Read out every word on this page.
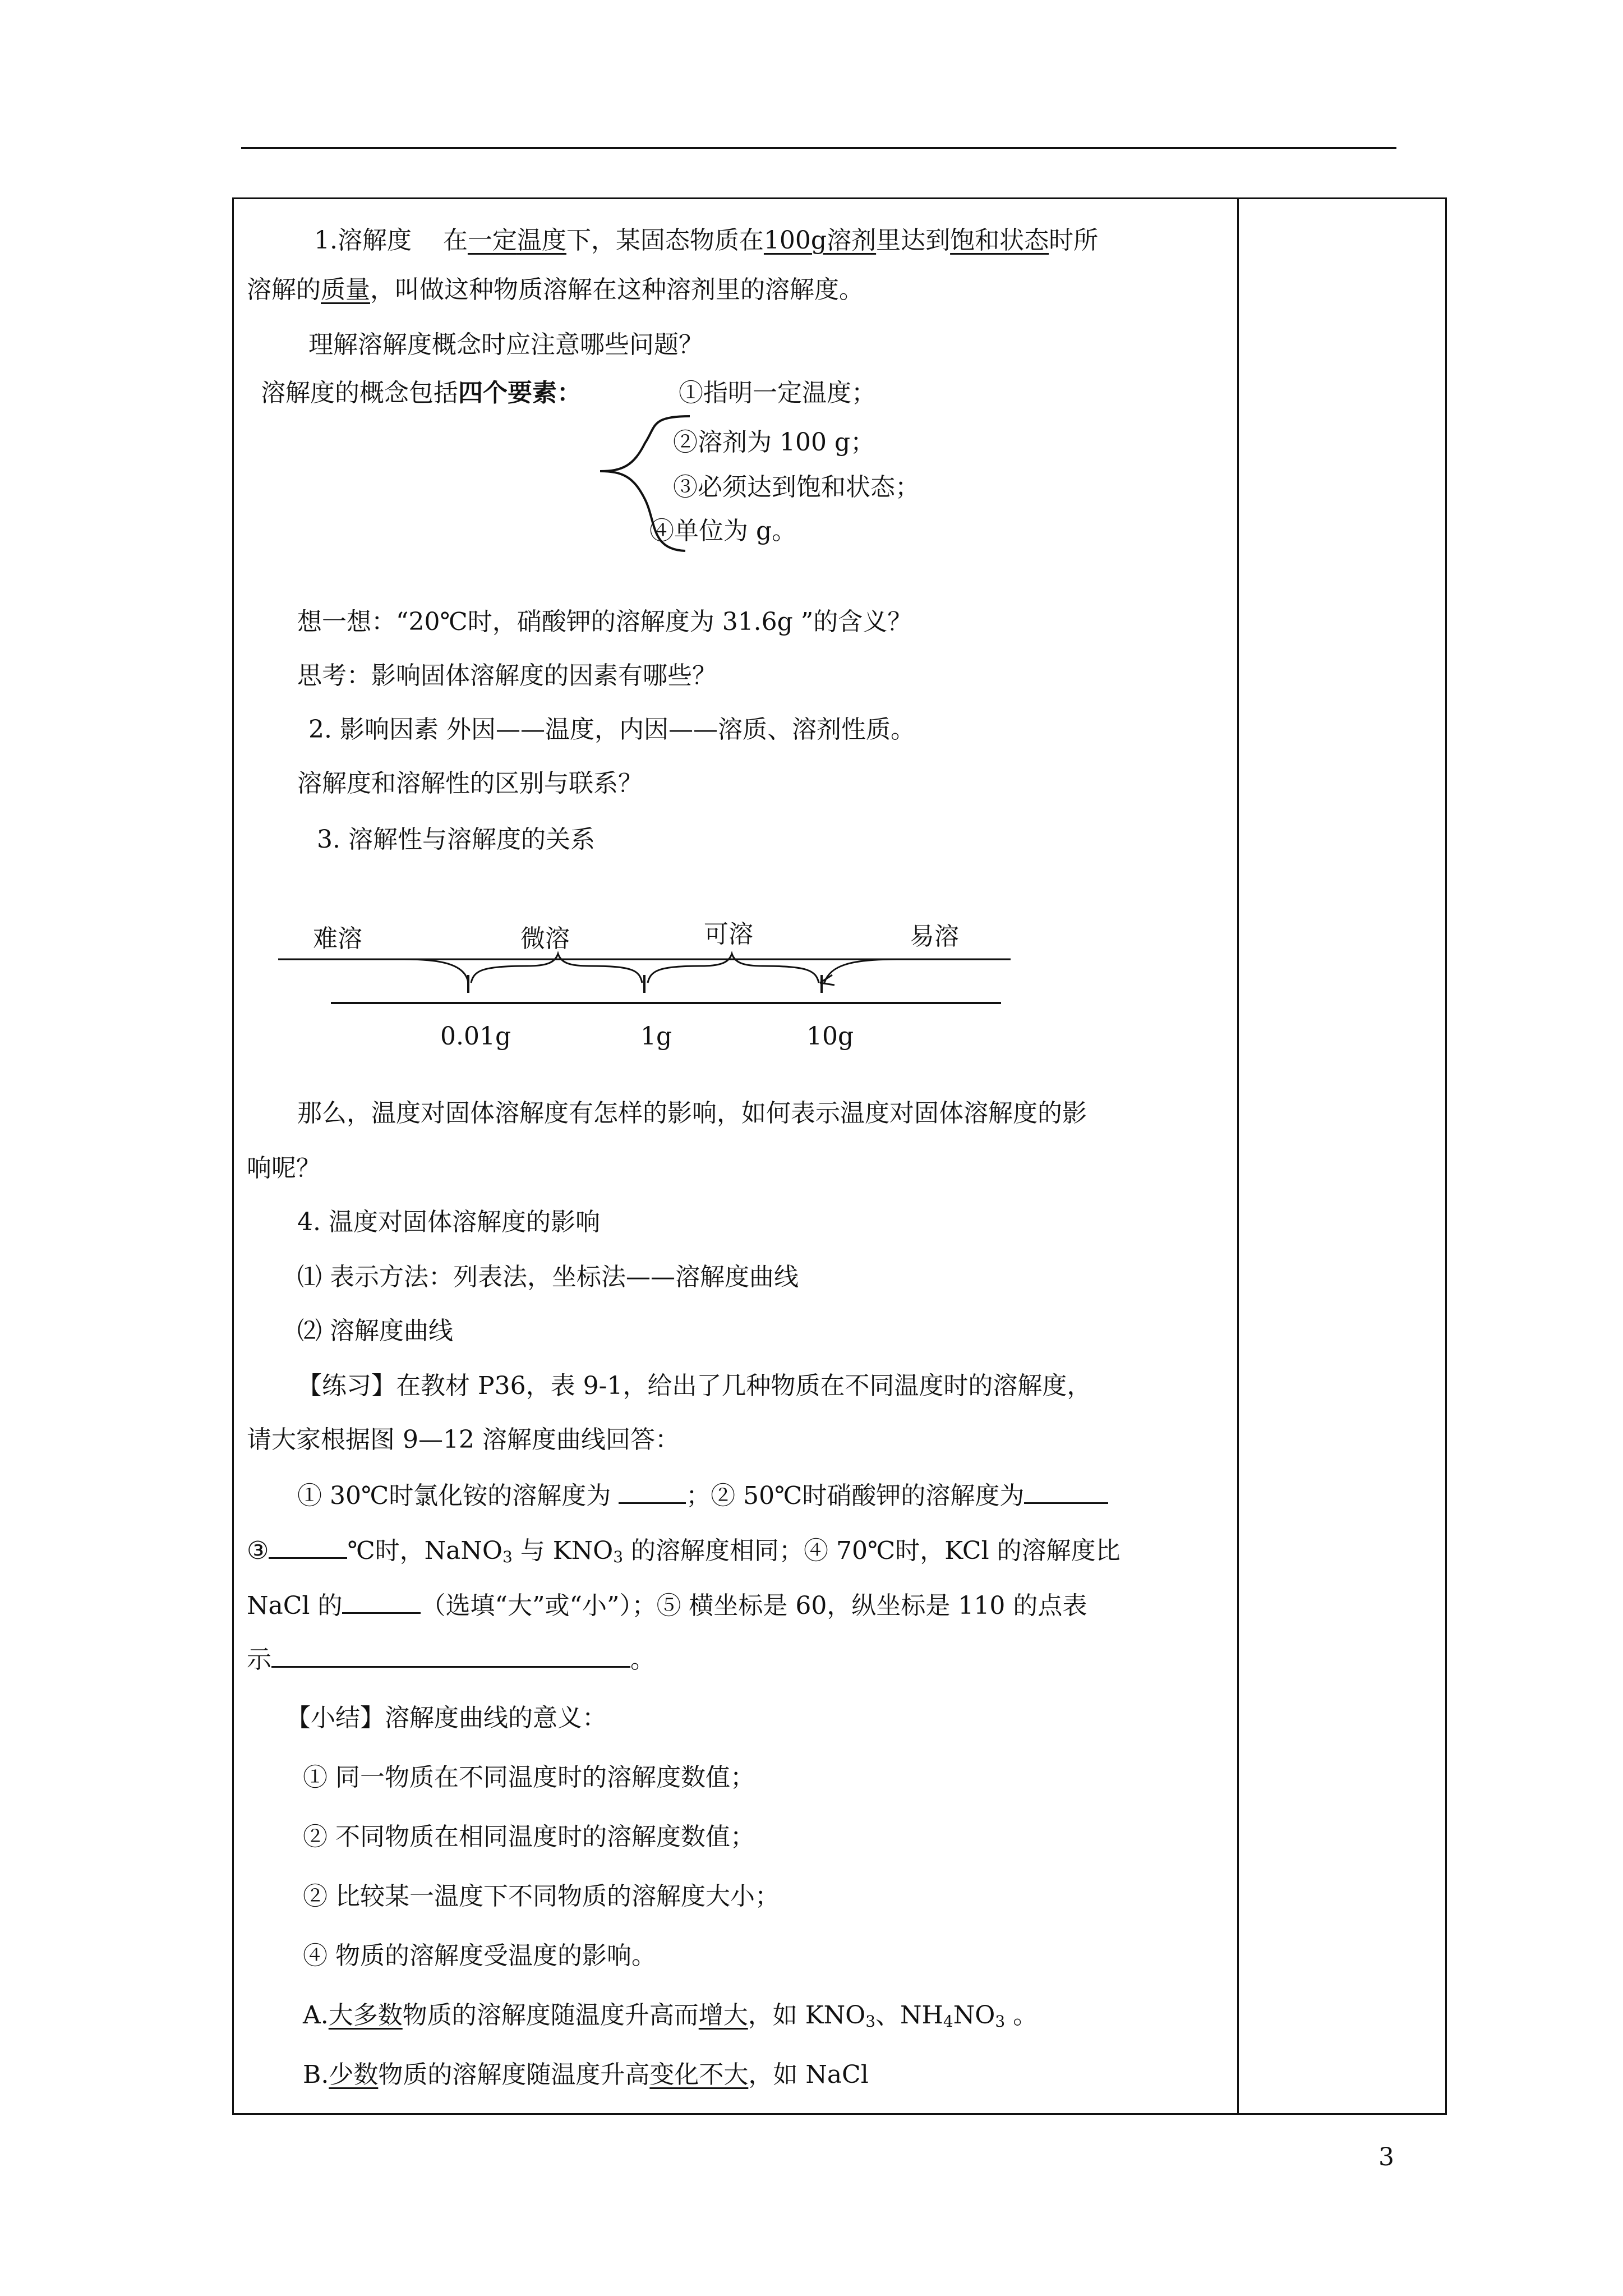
1.溶解度 在一定温度下，某固态物质在100g溶剂里达到饱和状态时所
溶解的质量，叫做这种物质溶解在这种溶剂里的溶解度。
理解溶解度概念时应注意哪些问题？
溶解度的概念包括四个要素：	①指明一定温度；
②溶剂为 100 g；
③必须达到饱和状态；
④单位为 g。
想一想：“20℃时，硝酸钾的溶解度为 31.6g ”的含义？
思考：影响固体溶解度的因素有哪些？
2. 影响因素 外因——温度，内因——溶质、溶剂性质。
溶解度和溶解性的区别与联系？
3. 溶解性与溶解度的关系
那么，温度对固体溶解度有怎样的影响，如何表示温度对固体溶解度的影
响呢？
4. 温度对固体溶解度的影响
⑴ 表示方法：列表法，坐标法——溶解度曲线
⑵ 溶解度曲线
【练习】在教材 P36，表 9-1，给出了几种物质在不同温度时的溶解度，
请大家根据图 9—12 溶解度曲线回答：
① 30℃时氯化铵的溶解度为	；② 50℃时硝酸钾的溶解度为
③	℃时，NaNO$_3$ 与 $KNO_3$ 的溶解度相同；④ 70℃时，KCl 的溶解度比
NaCl 的	（选填“大”或“小”）；⑤ 横坐标是 60，纵坐标是 110 的点表
示	。
【小结】溶解度曲线的意义：
① 同一物质在不同温度时的溶解度数值；
② 不同物质在相同温度时的溶解度数值；
② 比较某一温度下不同物质的溶解度大小；
④ 物质的溶解度受温度的影响。
A.大多数物质的溶解度随温度升高而增大，如 $KNO_3$、$NH_4NO_3$ 。
B.少数物质的溶解度随温度升高变化不大，如 NaCl
难溶	微溶	可溶	易溶
0.01g	1g	10g
3
